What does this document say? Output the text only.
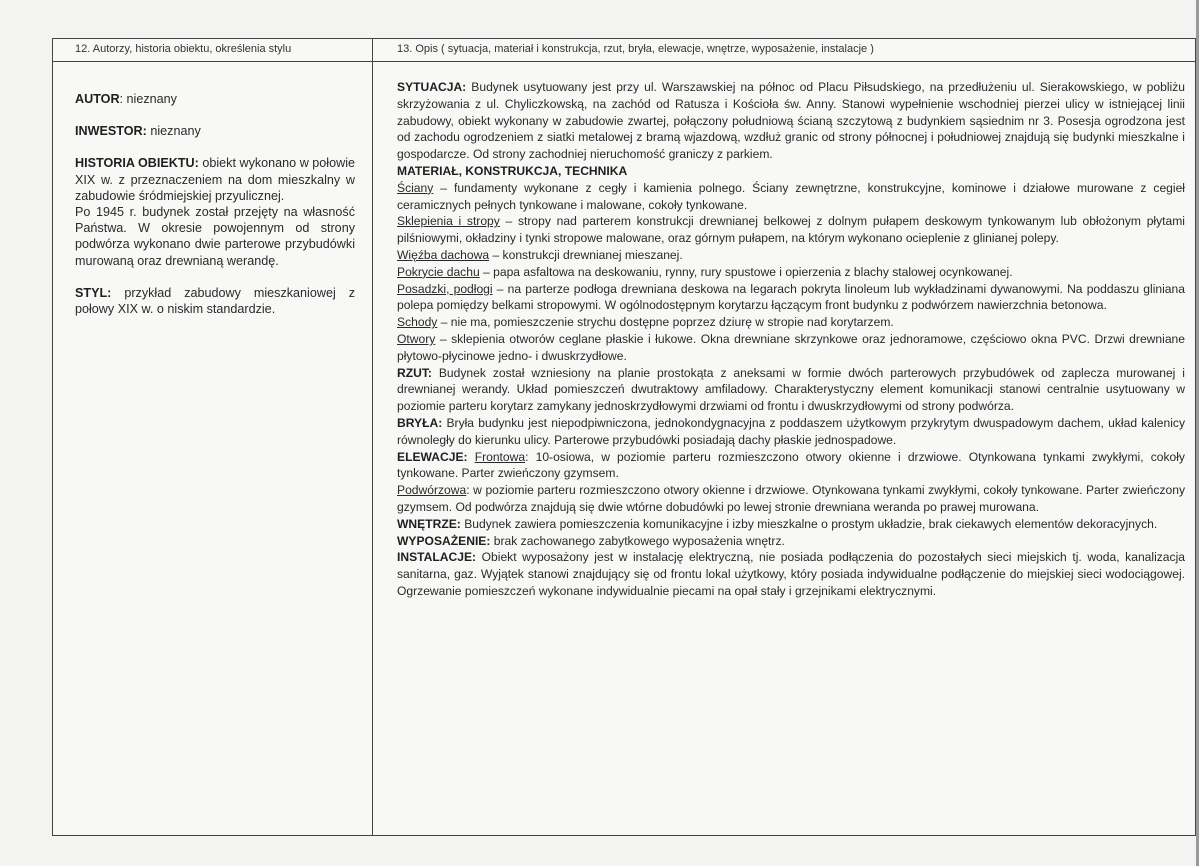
12. Autorzy, historia obiektu, określenia stylu	13. Opis ( sytuacja, materiał i konstrukcja, rzut, bryła, elewacje, wnętrze, wyposażenie, instalacje )

AUTOR: nieznany

INWESTOR: nieznany

HISTORIA OBIEKTU: obiekt wykonano w połowie XIX w. z przeznaczeniem na dom mieszkalny w zabudowie śródmiejskiej przyulicznej.

Po 1945 r. budynek został przejęty na własność Państwa. W okresie powojennym od strony podwórza wykonano dwie parterowe przybudówki murowaną oraz drewnianą werandę.

STYL: przykład zabudowy mieszkaniowej z połowy XIX w. o niskim standardzie.

SYTUACJA: Budynek usytuowany jest przy ul. Warszawskiej na północ od Placu Piłsudskiego, na przedłużeniu ul. Sierakowskiego, w pobliżu skrzyżowania z ul. Chyliczkowską, na zachód od Ratusza i Kościoła św. Anny. Stanowi wypełnienie wschodniej pierzei ulicy w istniejącej linii zabudowy, obiekt wykonany w zabudowie zwartej, połączony południową ścianą szczytową z budynkiem sąsiednim nr 3. Posesja ogrodzona jest od zachodu ogrodzeniem z siatki metalowej z bramą wjazdową, wzdłuż granic od strony północnej i południowej znajdują się budynki mieszkalne i gospodarcze. Od strony zachodniej nieruchomość graniczy z parkiem.

MATERIAŁ, KONSTRUKCJA, TECHNIKA

Ściany – fundamenty wykonane z cegły i kamienia polnego. Ściany zewnętrzne, konstrukcyjne, kominowe i działowe murowane z cegieł ceramicznych pełnych tynkowane i malowane, cokoły tynkowane.

Sklepienia i stropy – stropy nad parterem konstrukcji drewnianej belkowej z dolnym pułapem deskowym tynkowanym lub obłożonym płytami pilśniowymi, okładziny i tynki stropowe malowane, oraz górnym pułapem, na którym wykonano ocieplenie z glinianej polepy.

Więźba dachowa – konstrukcji drewnianej mieszanej.

Pokrycie dachu – papa asfaltowa na deskowaniu, rynny, rury spustowe i opierzenia z blachy stalowej ocynkowanej.

Posadzki, podłogi – na parterze podłoga drewniana deskowa na legarach pokryta linoleum lub wykładzinami dywanowymi. Na poddaszu gliniana polepa pomiędzy belkami stropowymi. W ogólnodostępnym korytarzu łączącym front budynku z podwórzem nawierzchnia betonowa.

Schody – nie ma, pomieszczenie strychu dostępne poprzez dziurę w stropie nad korytarzem.

Otwory – sklepienia otworów ceglane płaskie i łukowe. Okna drewniane skrzynkowe oraz jednoramowe, częściowo okna PVC. Drzwi drewniane płytowo-płycinowe jedno- i dwuskrzydłowe.

RZUT: Budynek został wzniesiony na planie prostokąta z aneksami w formie dwóch parterowych przybudówek od zaplecza murowanej i drewnianej werandy. Układ pomieszczeń dwutraktowy amfiladowy. Charakterystyczny element komunikacji stanowi centralnie usytuowany w poziomie parteru korytarz zamykany jednoskrzydłowymi drzwiami od frontu i dwuskrzydłowymi od strony podwórza.

BRYŁA: Bryła budynku jest niepodpiwniczona, jednokondygnacyjna z poddaszem użytkowym przykrytym dwuspadowym dachem, układ kalenicy równoległy do kierunku ulicy. Parterowe przybudówki posiadają dachy płaskie jednospadowe.

ELEWACJE: Frontowa: 10-osiowa, w poziomie parteru rozmieszczono otwory okienne i drzwiowe. Otynkowana tynkami zwykłymi, cokoły tynkowane. Parter zwieńczony gzymsem.

Podwórzowa: w poziomie parteru rozmieszczono otwory okienne i drzwiowe. Otynkowana tynkami zwykłymi, cokoły tynkowane. Parter zwieńczony gzymsem. Od podwórza znajdują się dwie wtórne dobudówki po lewej stronie drewniana weranda po prawej murowana.

WNĘTRZE: Budynek zawiera pomieszczenia komunikacyjne i izby mieszkalne o prostym układzie, brak ciekawych elementów dekoracyjnych.

WYPOSAŻENIE: brak zachowanego zabytkowego wyposażenia wnętrz.

INSTALACJE: Obiekt wyposażony jest w instalację elektryczną, nie posiada podłączenia do pozostałych sieci miejskich tj. woda, kanalizacja sanitarna, gaz. Wyjątek stanowi znajdujący się od frontu lokal użytkowy, który posiada indywidualne podłączenie do miejskiej sieci wodociągowej. Ogrzewanie pomieszczeń wykonane indywidualnie piecami na opał stały i grzejnikami elektrycznymi.
